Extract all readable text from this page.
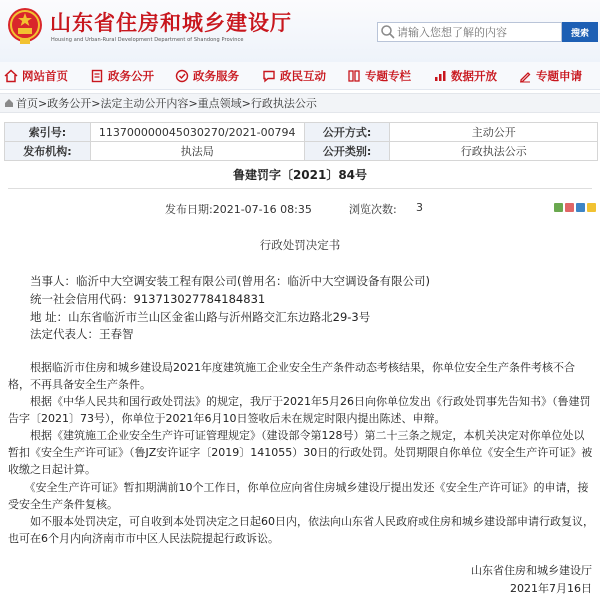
山东省住房和城乡建设厅
Housing and Urban-Rural Development Department of Shandong Province
请输入您想了解的内容
搜索
网站首页	政务公开	政务服务	政民互动	专题专栏	数据开放	专题申请
首页 > 政务公开 > 法定主动公开内容 > 重点领域 > 行政执法公示
索引号:	113700000045030270/2021-00794	公开方式:	主动公开
发布机构:	执法局	公开类别:	行政执法公示
鲁建罚字〔2021〕84号
发布日期:2021-07-16 08:35	浏览次数: 3
行政处罚决定书
当事人：临沂中大空调安装工程有限公司(曾用名：临沂中大空调设备有限公司)
统一社会信用代码：913713027784184831
地 址：山东省临沂市兰山区金雀山路与沂州路交汇东边路北29-3号
法定代表人：王春智
　　根据临沂市住房和城乡建设局2021年度建筑施工企业安全生产条件动态考核结果，你单位安全生产条件考核不合格，不再具备安全生产条件。
　　根据《中华人民共和国行政处罚法》的规定，我厅于2021年5月26日向你单位发出《行政处罚事先告知书》（鲁建罚告字〔2021〕73号），你单位于2021年6月10日签收后未在规定时限内提出陈述、申辩。
　　根据《建筑施工企业安全生产许可证管理规定》（建设部令第128号）第二十三条之规定，本机关决定对你单位处以暂扣《安全生产许可证》（鲁JZ安许证字〔2019〕141055）30日的行政处罚。处罚期限自你单位《安全生产许可证》被收缴之日起计算。
　　《安全生产许可证》暂扣期满前10个工作日，你单位应向省住房城乡建设厅提出发还《安全生产许可证》的申请，接受安全生产条件复核。
　　如不服本处罚决定，可自收到本处罚决定之日起60日内，依法向山东省人民政府或住房和城乡建设部申请行政复议，也可在6个月内向济南市市中区人民法院提起行政诉讼。
山东省住房和城乡建设厅
2021年7月16日
